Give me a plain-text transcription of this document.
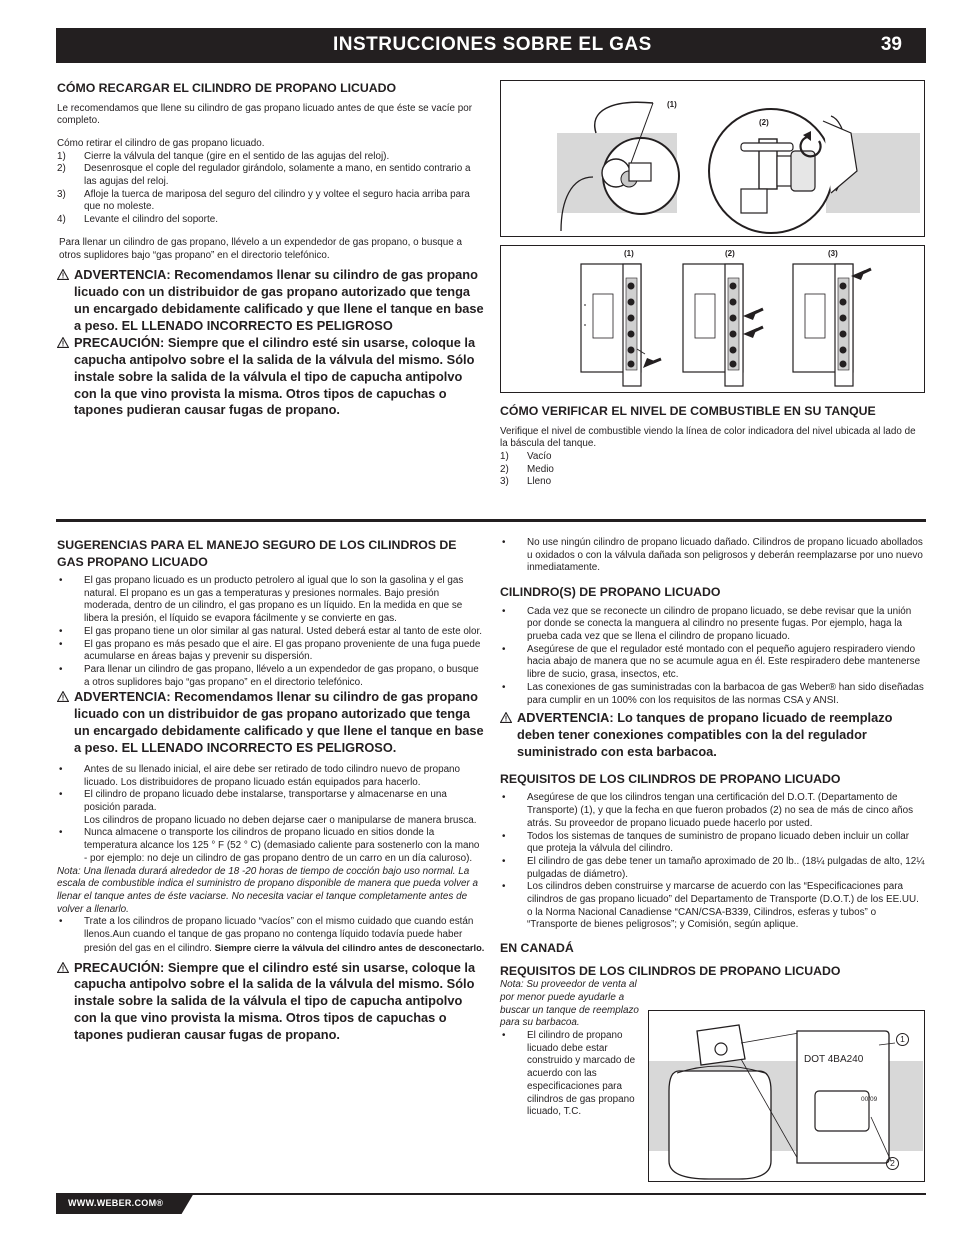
INSTRUCCIONES SOBRE EL GAS	39
CÓMO RECARGAR EL CILINDRO DE PROPANO LICUADO

Le recomendamos que llene su cilindro de gas propano licuado antes de que éste se vacíe por completo.

Cómo retirar el cilindro de gas propano licuado.

1) Cierre la válvula del tanque (gire en el sentido de las agujas del reloj).
2) Desenrosque el cople del regulador girándolo, solamente a mano, en sentido contrario a las agujas del reloj.
3) Afloje la tuerca de mariposa del seguro del cilindro y y voltee el seguro hacia arriba para que no moleste.
4) Levante el cilindro del soporte.

Para llenar un cilindro de gas propano, llévelo a un expendedor de gas propano, o busque a otros suplidores bajo “gas propano” en el directorio telefónico.

ADVERTENCIA: Recomendamos llenar su cilindro de gas propano licuado con un distribuidor de gas propano autorizado que tenga un encargado debidamente calificado y que llene el tanque en base a peso. EL LLENADO INCORRECTO ES PELIGROSO
PRECAUCIÓN: Siempre que el cilindro esté sin usarse, coloque la capucha antipolvo sobre el la salida de la válvula del mismo. Sólo instale sobre la salida de la válvula el tipo de capucha antipolvo con la que vino provista la misma. Otros tipos de capuchas o tapones pudieran causar fugas de propano.
(1)
(2)
(1)	(2)	(3)
CÓMO VERIFICAR EL NIVEL DE COMBUSTIBLE EN SU TANQUE

Verifique el nivel de combustible viendo la línea de color indicadora del nivel ubicada al lado de la báscula del tanque.

1) Vacío
2) Medio
3) Lleno
SUGERENCIAS PARA EL MANEJO SEGURO DE LOS CILINDROS DE GAS PROPANO LICUADO
• El gas propano licuado es un producto petrolero al igual que lo son la gasolina y el gas natural. El propano es un gas a temperaturas y presiones normales. Bajo presión moderada, dentro de un cilindro, el gas propano es un líquido. En la medida en que se libera la presión, el líquido se evapora fácilmente y se convierte en gas.
• El gas propano tiene un olor similar al gas natural. Usted deberá estar al tanto de este olor.
• El gas propano es más pesado que el aire. El gas propano proveniente de una fuga puede acumularse en áreas bajas y prevenir su dispersión.
• Para llenar un cilindro de gas propano, llévelo a un expendedor de gas propano, o busque a otros suplidores bajo “gas propano” en el directorio telefónico.
ADVERTENCIA: Recomendamos llenar su cilindro de gas propano licuado con un distribuidor de gas propano autorizado que tenga un encargado debidamente calificado y que llene el tanque en base a peso. EL LLENADO INCORRECTO ES PELIGROSO.
• Antes de su llenado inicial, el aire debe ser retirado de todo cilindro nuevo de propano licuado. Los distribuidores de propano licuado están equipados para hacerlo.
• El cilindro de propano licuado debe instalarse, transportarse y almacenarse en una posición parada.
Los cilindros de propano licuado no deben dejarse caer o manipularse de manera brusca.
• Nunca almacene o transporte los cilindros de propano licuado en sitios donde la temperatura alcance los 125 ° F (52 ° C) (demasiado caliente para sostenerlo con la mano - por ejemplo: no deje un cilindro de gas propano dentro de un carro en un día caluroso).

Nota: Una llenada durará alrededor de 18 -20 horas de tiempo de cocción bajo uso normal. La escala de combustible indica el suministro de propano disponible de manera que pueda volver a llenar el tanque antes de éste vaciarse. No necesita vaciar el tanque completamente antes de volver a llenarlo.

• Trate a los cilindros de propano licuado “vacíos” con el mismo cuidado que cuando están llenos.Aun cuando el tanque de gas propano no contenga líquido todavía puede haber presión del gas en el cilindro. Siempre cierre la válvula del cilindro antes de desconectarlo.
PRECAUCIÓN: Siempre que el cilindro esté sin usarse, coloque la capucha antipolvo sobre el la salida de la válvula del mismo. Sólo instale sobre la salida de la válvula el tipo de capucha antipolvo con la que vino provista la misma. Otros tipos de capuchas o tapones pudieran causar fugas de propano.
• No use ningún cilindro de propano licuado dañado. Cilindros de propano licuado abollados u oxidados o con la válvula dañada son peligrosos y deberán reemplazarse por uno nuevo inmediatamente.
CILINDRO(S) DE PROPANO LICUADO
• Cada vez que se reconecte un cilindro de propano licuado, se debe revisar que la unión por donde se conecta la manguera al cilindro no presente fugas. Por ejemplo, haga la prueba cada vez que se llena el cilindro de propano licuado.
• Asegúrese de que el regulador esté montado con el pequeño agujero respiradero viendo hacia abajo de manera que no se acumule agua en él. Este respiradero debe mantenerse libre de sucio, grasa, insectos, etc.
• Las conexiones de gas suministradas con la barbacoa de gas Weber® han sido diseñadas para cumplir en un 100% con los requisitos de las normas CSA y ANSI.
ADVERTENCIA: Lo tanques de propano licuado de reemplazo deben tener conexiones compatibles con la del regulador suministrado con esta barbacoa.
REQUISITOS DE LOS CILINDROS DE PROPANO LICUADO
• Asegúrese de que los cilindros tengan una certificación del D.O.T. (Departamento de Transporte) (1), y que la fecha en que fueron probados (2) no sea de más de cinco años atrás. Su proveedor de propano licuado puede hacerlo por usted.
• Todos los sistemas de tanques de suministro de propano licuado deben incluir un collar que proteja la válvula del cilindro.
• El cilindro de gas debe tener un tamaño aproximado de 20 lb.. (18¼ pulgadas de alto, 12¼ pulgadas de diámetro).
• Los cilindros deben construirse y marcarse de acuerdo con las “Especificaciones para cilindros de gas propano licuado” del Departamento de Transporte (D.O.T.) de los EE.UU. o la Norma Nacional Canadiense “CAN/CSA-B339, Cilindros, esferas y tubos” o “Transporte de bienes peligrosos”; y Comisión, según aplique.
EN CANADÁ
REQUISITOS DE LOS CILINDROS DE PROPANO LICUADO

Nota: Su proveedor de venta al por menor puede ayudarle a buscar un tanque de reemplazo para su barbacoa.

• El cilindro de propano licuado debe estar construido y marcado de acuerdo con las especificaciones para cilindros de gas propano licuado, T.C.
DOT 4BA240
00/09
1
2
WWW.WEBER.COM®
